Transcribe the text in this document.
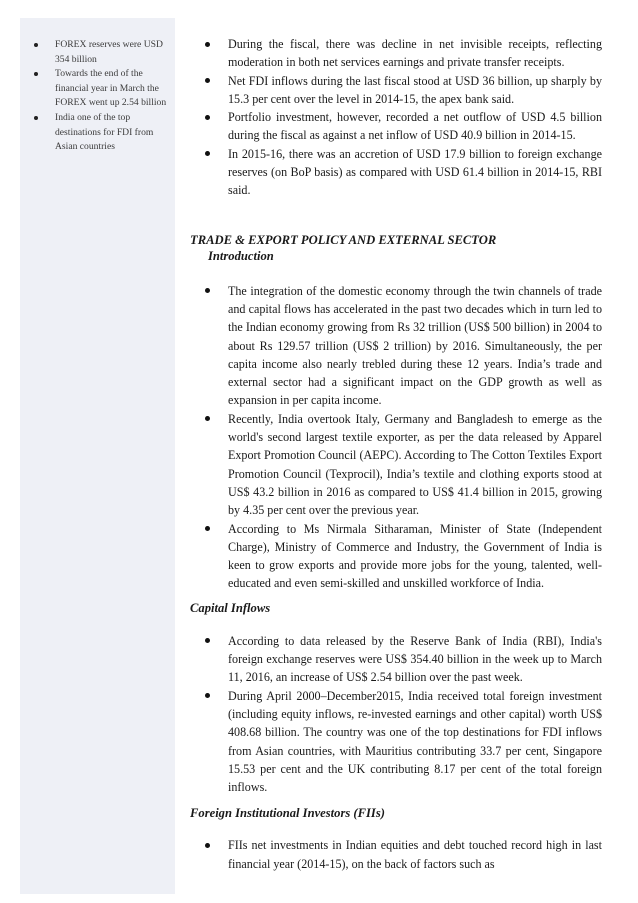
FOREX reserves were USD 354 billion
Towards the end of the financial year in March the FOREX went up 2.54 billion
India one of the top destinations for FDI from Asian countries
During the fiscal, there was decline in net invisible receipts, reflecting moderation in both net services earnings and private transfer receipts.
Net FDI inflows during the last fiscal stood at USD 36 billion, up sharply by 15.3 per cent over the level in 2014-15, the apex bank said.
Portfolio investment, however, recorded a net outflow of USD 4.5 billion during the fiscal as against a net inflow of USD 40.9 billion in 2014-15.
In 2015-16, there was an accretion of USD 17.9 billion to foreign exchange reserves (on BoP basis) as compared with USD 61.4 billion in 2014-15, RBI said.
TRADE & EXPORT POLICY AND EXTERNAL SECTOR
Introduction
The integration of the domestic economy through the twin channels of trade and capital flows has accelerated in the past two decades which in turn led to the Indian economy growing from Rs 32 trillion (US$ 500 billion) in 2004 to about Rs 129.57 trillion (US$ 2 trillion) by 2016. Simultaneously, the per capita income also nearly trebled during these 12 years. India’s trade and external sector had a significant impact on the GDP growth as well as expansion in per capita income.
Recently, India overtook Italy, Germany and Bangladesh to emerge as the world's second largest textile exporter, as per the data released by Apparel Export Promotion Council (AEPC). According to The Cotton Textiles Export Promotion Council (Texprocil), India’s textile and clothing exports stood at US$ 43.2 billion in 2016 as compared to US$ 41.4 billion in 2015, growing by 4.35 per cent over the previous year.
According to Ms Nirmala Sitharaman, Minister of State (Independent Charge), Ministry of Commerce and Industry, the Government of India is keen to grow exports and provide more jobs for the young, talented, well-educated and even semi-skilled and unskilled workforce of India.
Capital Inflows
According to data released by the Reserve Bank of India (RBI), India's foreign exchange reserves were US$ 354.40 billion in the week up to March 11, 2016, an increase of US$ 2.54 billion over the past week.
During April 2000–December2015, India received total foreign investment (including equity inflows, re-invested earnings and other capital) worth US$ 408.68 billion. The country was one of the top destinations for FDI inflows from Asian countries, with Mauritius contributing 33.7 per cent, Singapore 15.53 per cent and the UK contributing 8.17 per cent of the total foreign inflows.
Foreign Institutional Investors (FIIs)
FIIs net investments in Indian equities and debt touched record high in last financial year (2014-15), on the back of factors such as
